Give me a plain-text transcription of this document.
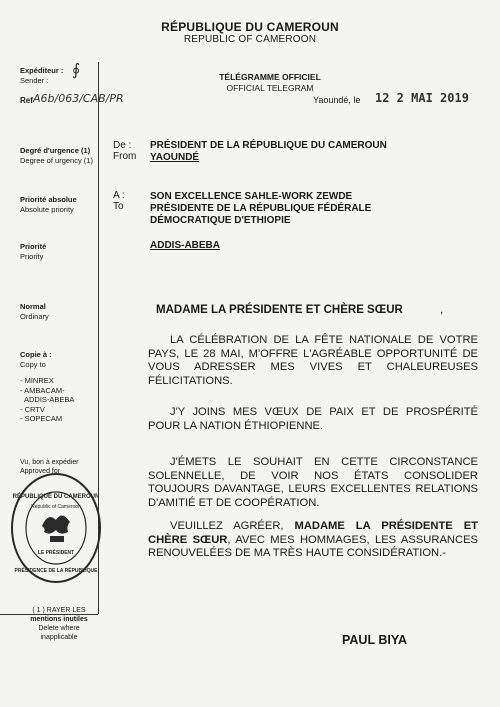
RÉPUBLIQUE DU CAMEROUN
REPUBLIC OF CAMEROON
Expéditeur :
Sender :
∮
Ref A6b/063/CAB/PR
Degré d'urgence (1)
Degree of urgency (1)
Priorité absolue
Absolute priority
Priorité
Priority
Normal
Ordinary
Copie à :
Copy to
- MINREX
- AMBACAM-
ADDIS-ABEBA
- CRTV
- SOPECAM
Vu, bon à expédier
Approved for
RÉPUBLIQUE DU CAMEROUN
Republic of Cameroon
LE PRÉSIDENT
PRÉSIDENCE DE LA RÉPUBLIQUE
( 1 ) RAYER LES
mentions inutiles
Delete where
inapplicable
TÉLÉGRAMME OFFICIEL
OFFICIAL TELEGRAM
Yaoundé, le 12 2 MAI 2019
De :
From
PRÉSIDENT DE LA RÉPUBLIQUE DU CAMEROUN
YAOUNDÉ
A :
To
SON EXCELLENCE SAHLE-WORK ZEWDE
PRÉSIDENTE DE LA RÉPUBLIQUE FÉDÉRALE
DÉMOCRATIQUE D'ETHIOPIE
ADDIS-ABEBA
MADAME LA PRÉSIDENTE ET CHÈRE SŒUR	,
LA CÉLÉBRATION DE LA FÊTE NATIONALE DE VOTRE PAYS, LE 28 MAI, M'OFFRE L'AGRÉABLE OPPORTUNITÉ DE VOUS ADRESSER MES VIVES ET CHALEUREUSES FÉLICITATIONS.
J'Y JOINS MES VŒUX DE PAIX ET DE PROSPÉRITÉ POUR LA NATION ÉTHIOPIENNE.
J'ÉMETS LE SOUHAIT EN CETTE CIRCONSTANCE SOLENNELLE, DE VOIR NOS ÉTATS CONSOLIDER TOUJOURS DAVANTAGE, LEURS EXCELLENTES RELATIONS D'AMITIÉ ET DE COOPÉRATION.
VEUILLEZ AGRÉER, MADAME LA PRÉSIDENTE ET CHÈRE SŒUR, AVEC MES HOMMAGES, LES ASSURANCES RENOUVELÉES DE MA TRÈS HAUTE CONSIDÉRATION.-
PAUL BIYA
